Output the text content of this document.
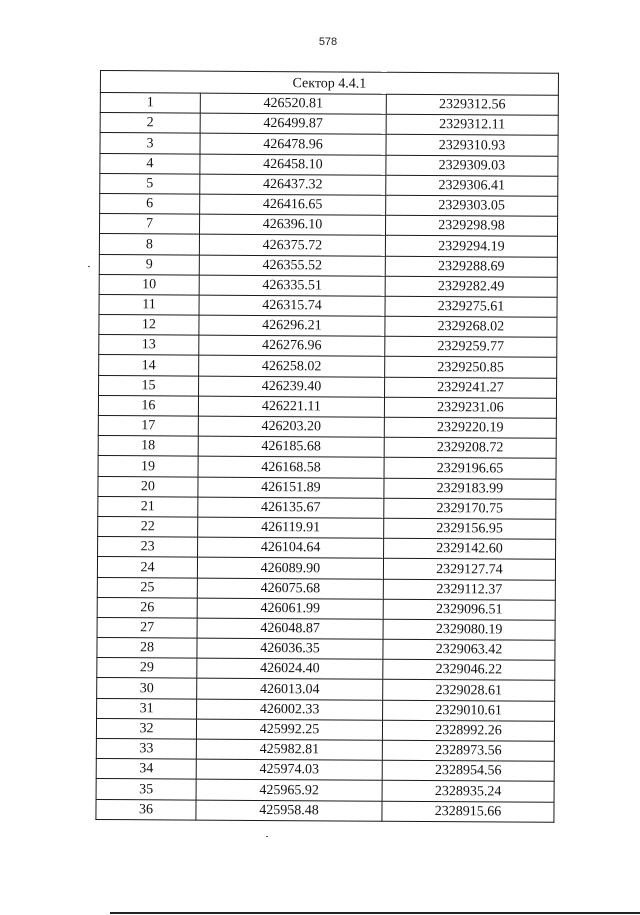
578
Сектор 4.4.1		
1	426520.81	2329312.56
2	426499.87	2329312.11
3	426478.96	2329310.93
4	426458.10	2329309.03
5	426437.32	2329306.41
6	426416.65	2329303.05
7	426396.10	2329298.98
8	426375.72	2329294.19
9	426355.52	2329288.69
10	426335.51	2329282.49
11	426315.74	2329275.61
12	426296.21	2329268.02
13	426276.96	2329259.77
14	426258.02	2329250.85
15	426239.40	2329241.27
16	426221.11	2329231.06
17	426203.20	2329220.19
18	426185.68	2329208.72
19	426168.58	2329196.65
20	426151.89	2329183.99
21	426135.67	2329170.75
22	426119.91	2329156.95
23	426104.64	2329142.60
24	426089.90	2329127.74
25	426075.68	2329112.37
26	426061.99	2329096.51
27	426048.87	2329080.19
28	426036.35	2329063.42
29	426024.40	2329046.22
30	426013.04	2329028.61
31	426002.33	2329010.61
32	425992.25	2328992.26
33	425982.81	2328973.56
34	425974.03	2328954.56
35	425965.92	2328935.24
36	425958.48	2328915.66
